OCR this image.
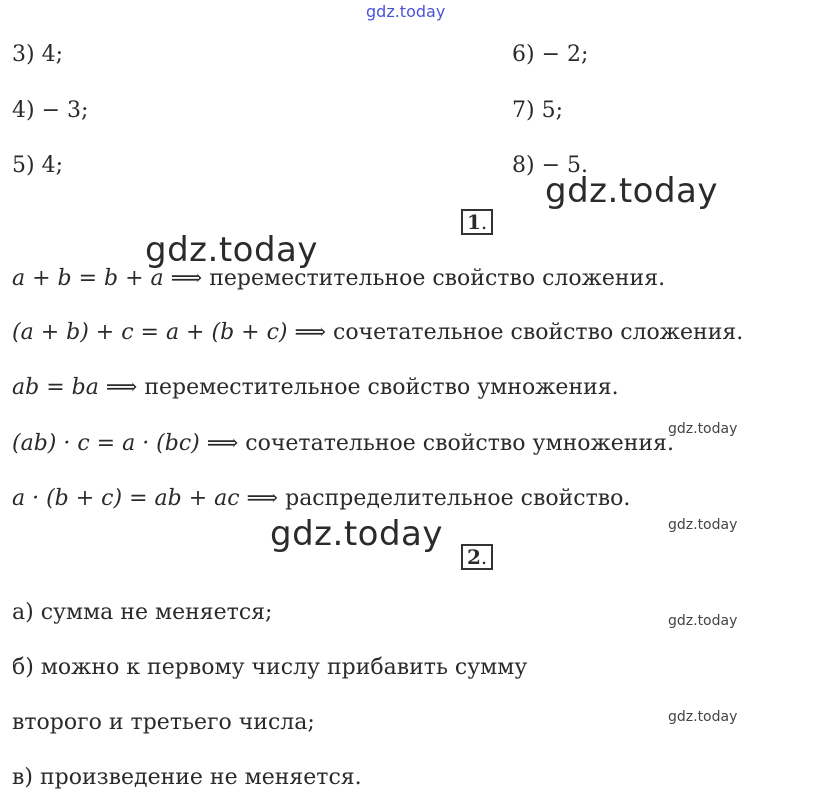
gdz.today
gdz.today
gdz.today
gdz.today
gdz.today
gdz.today
gdz.today
gdz.today
3) 4;	6) − 2;
4) − 3;	7) 5;
5) 4;	8) − 5.
1.
a + b = b + a ⟹ переместительное свойство сложения.
(a + b) + c = a + (b + c) ⟹ сочетательное свойство сложения.
ab = ba ⟹ переместительное свойство умножения.
(ab) · c = a · (bc) ⟹ сочетательное свойство умножения.
a · (b + c) = ab + ac ⟹ распределительное свойство.
2.
а) сумма не меняется;
б) можно к первому числу прибавить сумму
второго и третьего числа;
в) произведение не меняется.
